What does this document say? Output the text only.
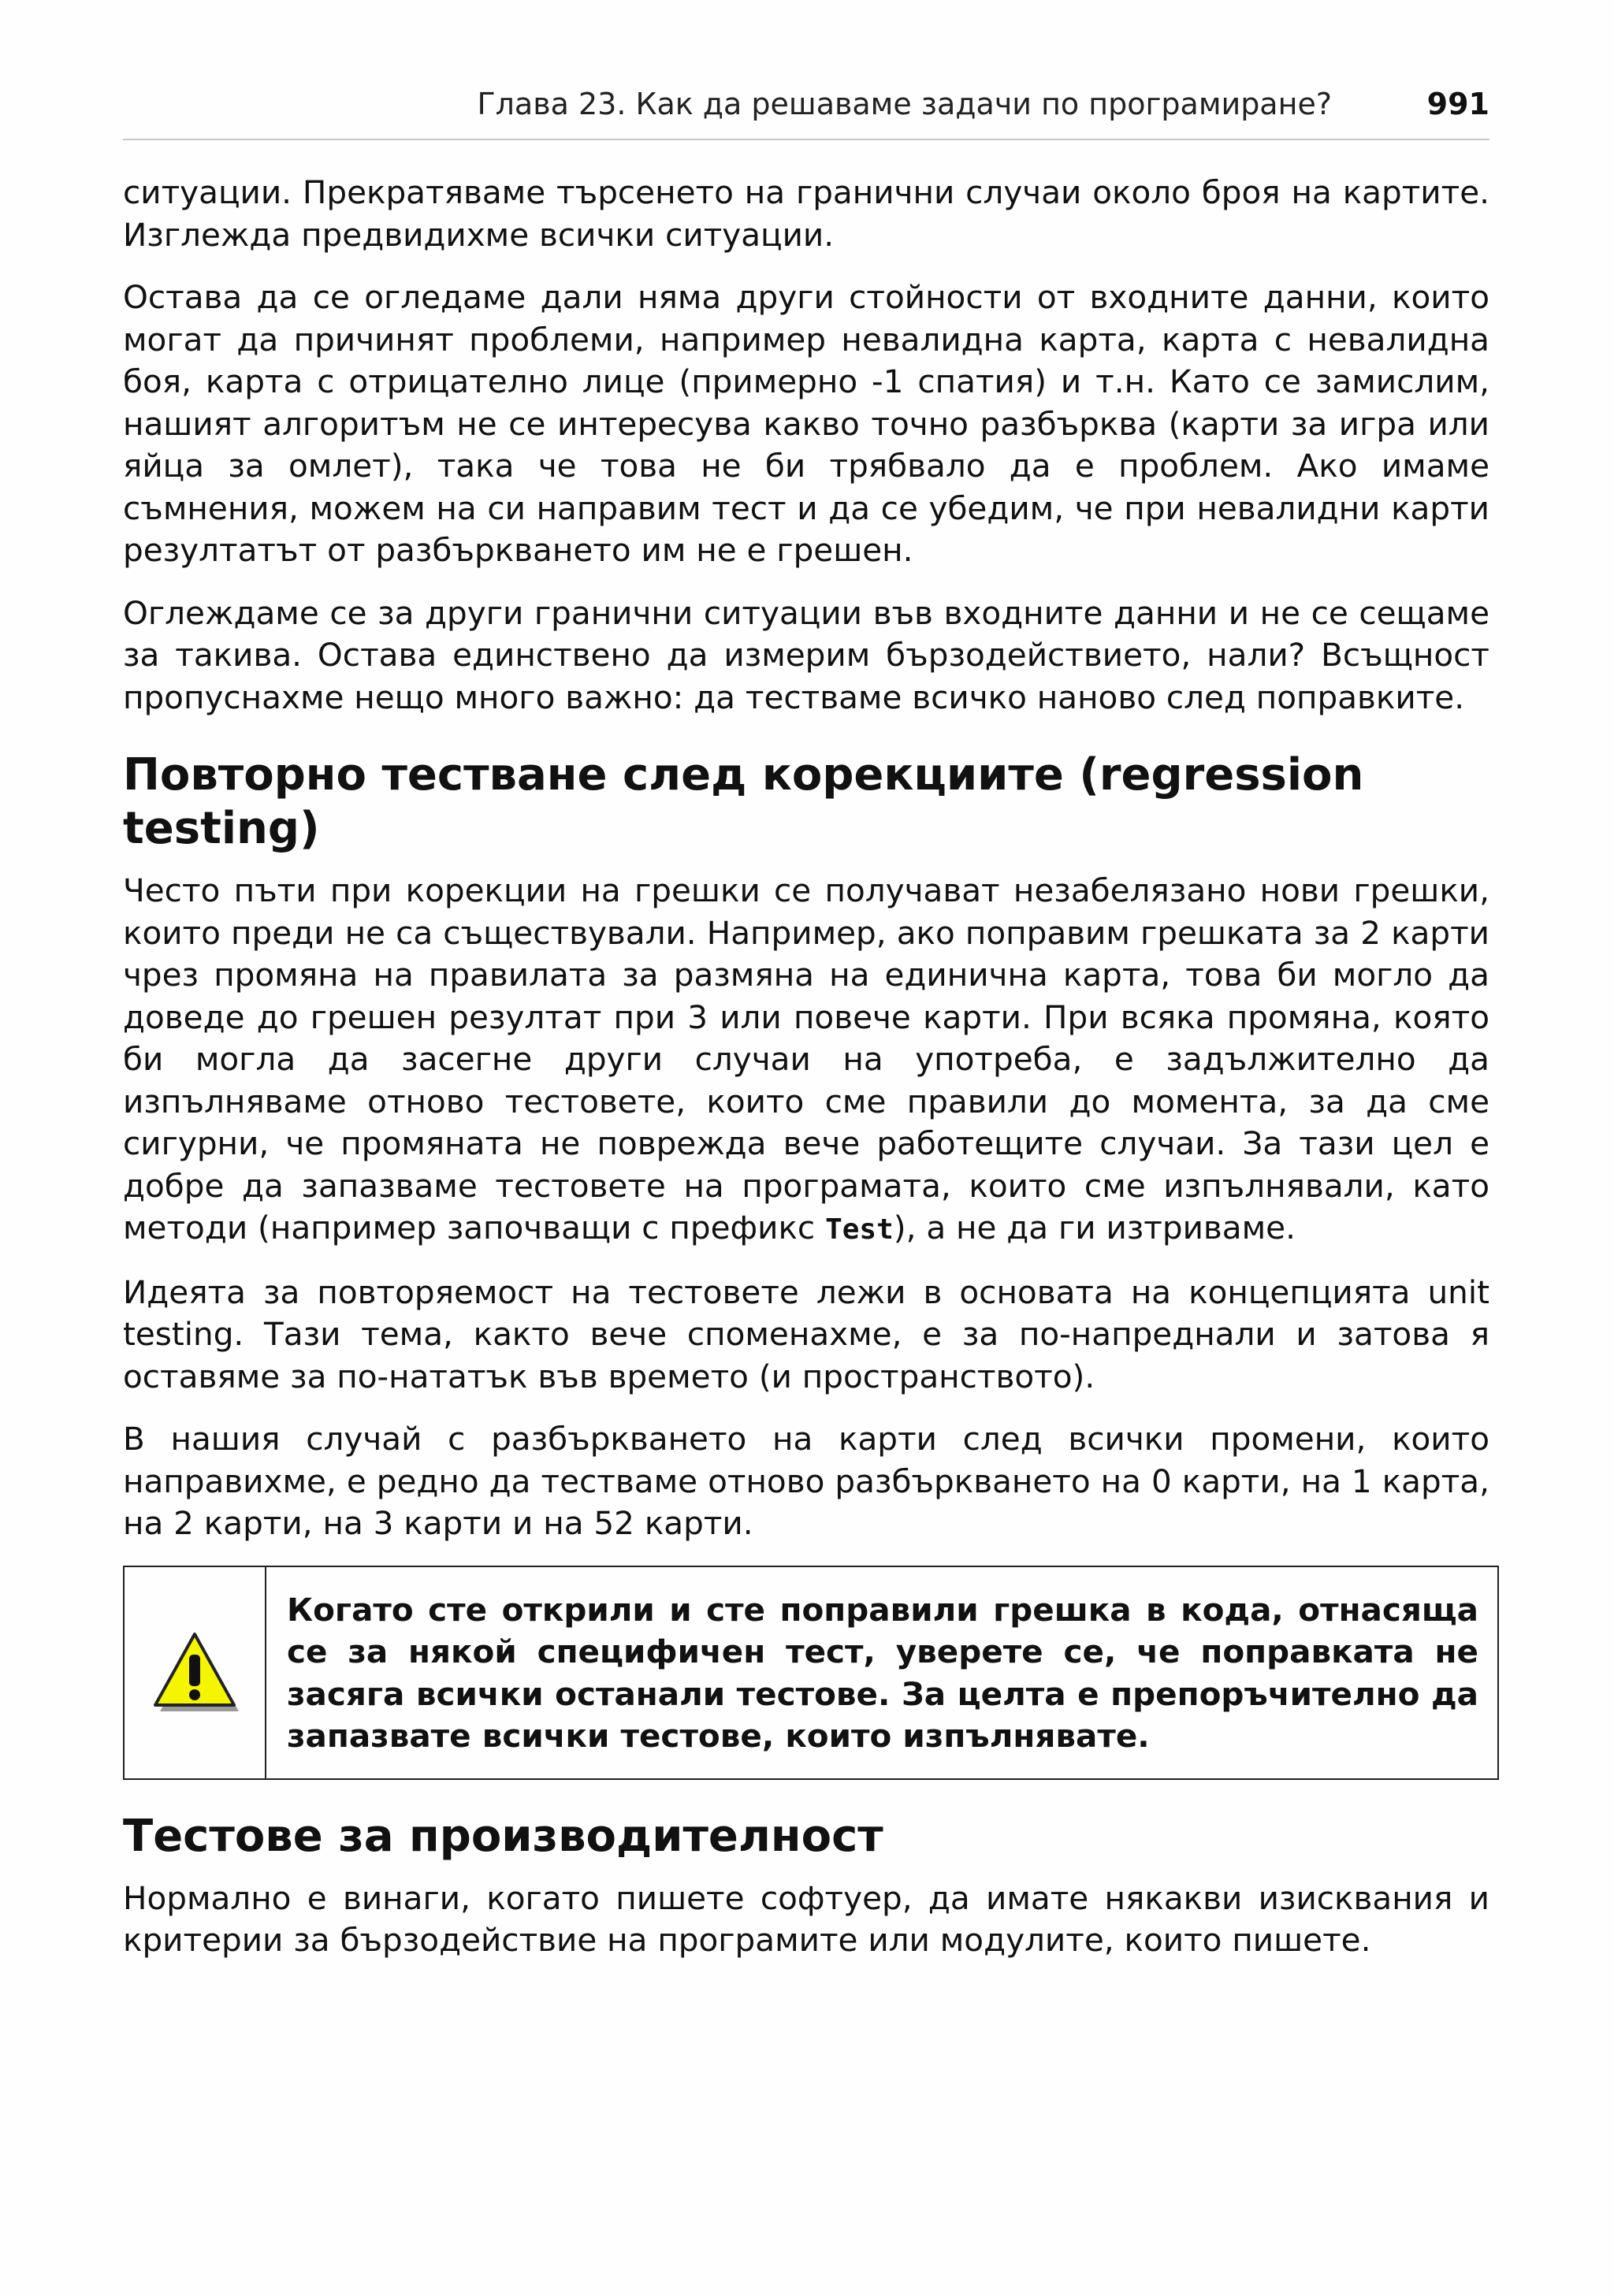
Глава 23. Как да решаваме задачи по програмиране?	991

ситуации. Прекратяваме търсенето на гранични случаи около броя на картите. Изглежда предвидихме всички ситуации.

Остава да се огледаме дали няма други стойности от входните данни, които могат да причинят проблеми, например невалидна карта, карта с невалидна боя, карта с отрицателно лице (примерно -1 спатия) и т.н. Като се замислим, нашият алгоритъм не се интересува какво точно разбърква (карти за игра или яйца за омлет), така че това не би трябвало да е проблем. Ако имаме съмнения, можем на си направим тест и да се убедим, че при невалидни карти резултатът от разбъркването им не е грешен.

Оглеждаме се за други гранични ситуации във входните данни и не се сещаме за такива. Остава единствено да измерим бързодействието, нали? Всъщност пропуснахме нещо много важно: да тестваме всичко наново след поправките.

Повторно тестване след корекциите (regression testing)

Често пъти при корекции на грешки се получават незабелязано нови грешки, които преди не са съществували. Например, ако поправим грешката за 2 карти чрез промяна на правилата за размяна на единична карта, това би могло да доведе до грешен резултат при 3 или повече карти. При всяка промяна, която би могла да засегне други случаи на употреба, е задължително да изпълняваме отново тестовете, които сме правили до момента, за да сме сигурни, че промяната не поврежда вече работещите случаи. За тази цел е добре да запазваме тестовете на програмата, които сме изпълнявали, като методи (например започващи с префикс Test), а не да ги изтриваме.

Идеята за повторяемост на тестовете лежи в основата на концепцията unit testing. Тази тема, както вече споменахме, е за по-напреднали и затова я оставяме за по-нататък във времето (и пространството).

В нашия случай с разбъркването на карти след всички промени, които направихме, е редно да тестваме отново разбъркването на 0 карти, на 1 карта, на 2 карти, на 3 карти и на 52 карти.

Когато сте открили и сте поправили грешка в кода, отнасяща се за някой специфичен тест, уверете се, че поправката не засяга всички останали тестове. За целта е препоръчително да запазвате всички тестове, които изпълнявате.
Тестове за производителност

Нормално е винаги, когато пишете софтуер, да имате някакви изисквания и критерии за бързодействие на програмите или модулите, които пишете.
